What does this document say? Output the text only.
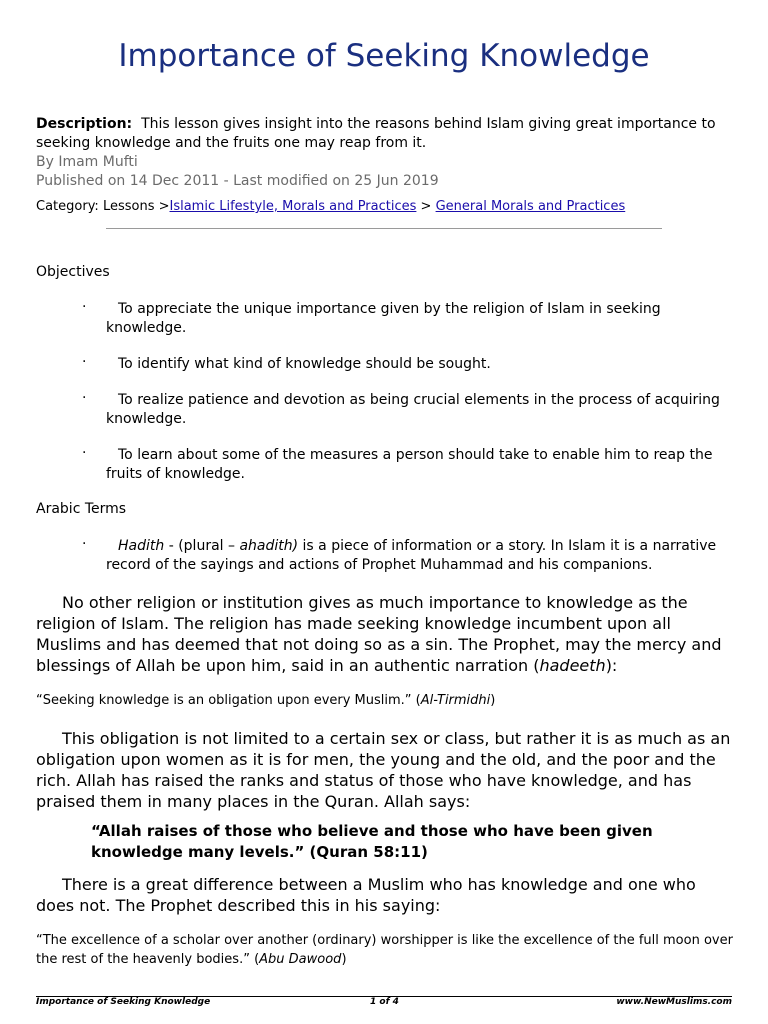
Importance of Seeking Knowledge
Description: This lesson gives insight into the reasons behind Islam giving great importance to seeking knowledge and the fruits one may reap from it.
By Imam Mufti
Published on 14 Dec 2011 - Last modified on 25 Jun 2019
Category: Lessons >Islamic Lifestyle, Morals and Practices > General Morals and Practices
Objectives
·	To appreciate the unique importance given by the religion of Islam in seeking knowledge.
·	To identify what kind of knowledge should be sought.
·	To realize patience and devotion as being crucial elements in the process of acquiring knowledge.
·	To learn about some of the measures a person should take to enable him to reap the fruits of knowledge.
Arabic Terms
·	Hadith - (plural – ahadith) is a piece of information or a story. In Islam it is a narrative record of the sayings and actions of Prophet Muhammad and his companions.
No other religion or institution gives as much importance to knowledge as the religion of Islam. The religion has made seeking knowledge incumbent upon all Muslims and has deemed that not doing so as a sin. The Prophet, may the mercy and blessings of Allah be upon him, said in an authentic narration (hadeeth):
“Seeking knowledge is an obligation upon every Muslim.” (Al-Tirmidhi)
This obligation is not limited to a certain sex or class, but rather it is as much as an obligation upon women as it is for men, the young and the old, and the poor and the rich. Allah has raised the ranks and status of those who have knowledge, and has praised them in many places in the Quran. Allah says:
“Allah raises of those who believe and those who have been given knowledge many levels.” (Quran 58:11)
There is a great difference between a Muslim who has knowledge and one who does not. The Prophet described this in his saying:
“The excellence of a scholar over another (ordinary) worshipper is like the excellence of the full moon over the rest of the heavenly bodies.” (Abu Dawood)
Importance of Seeking Knowledge	1 of 4	www.NewMuslims.com
